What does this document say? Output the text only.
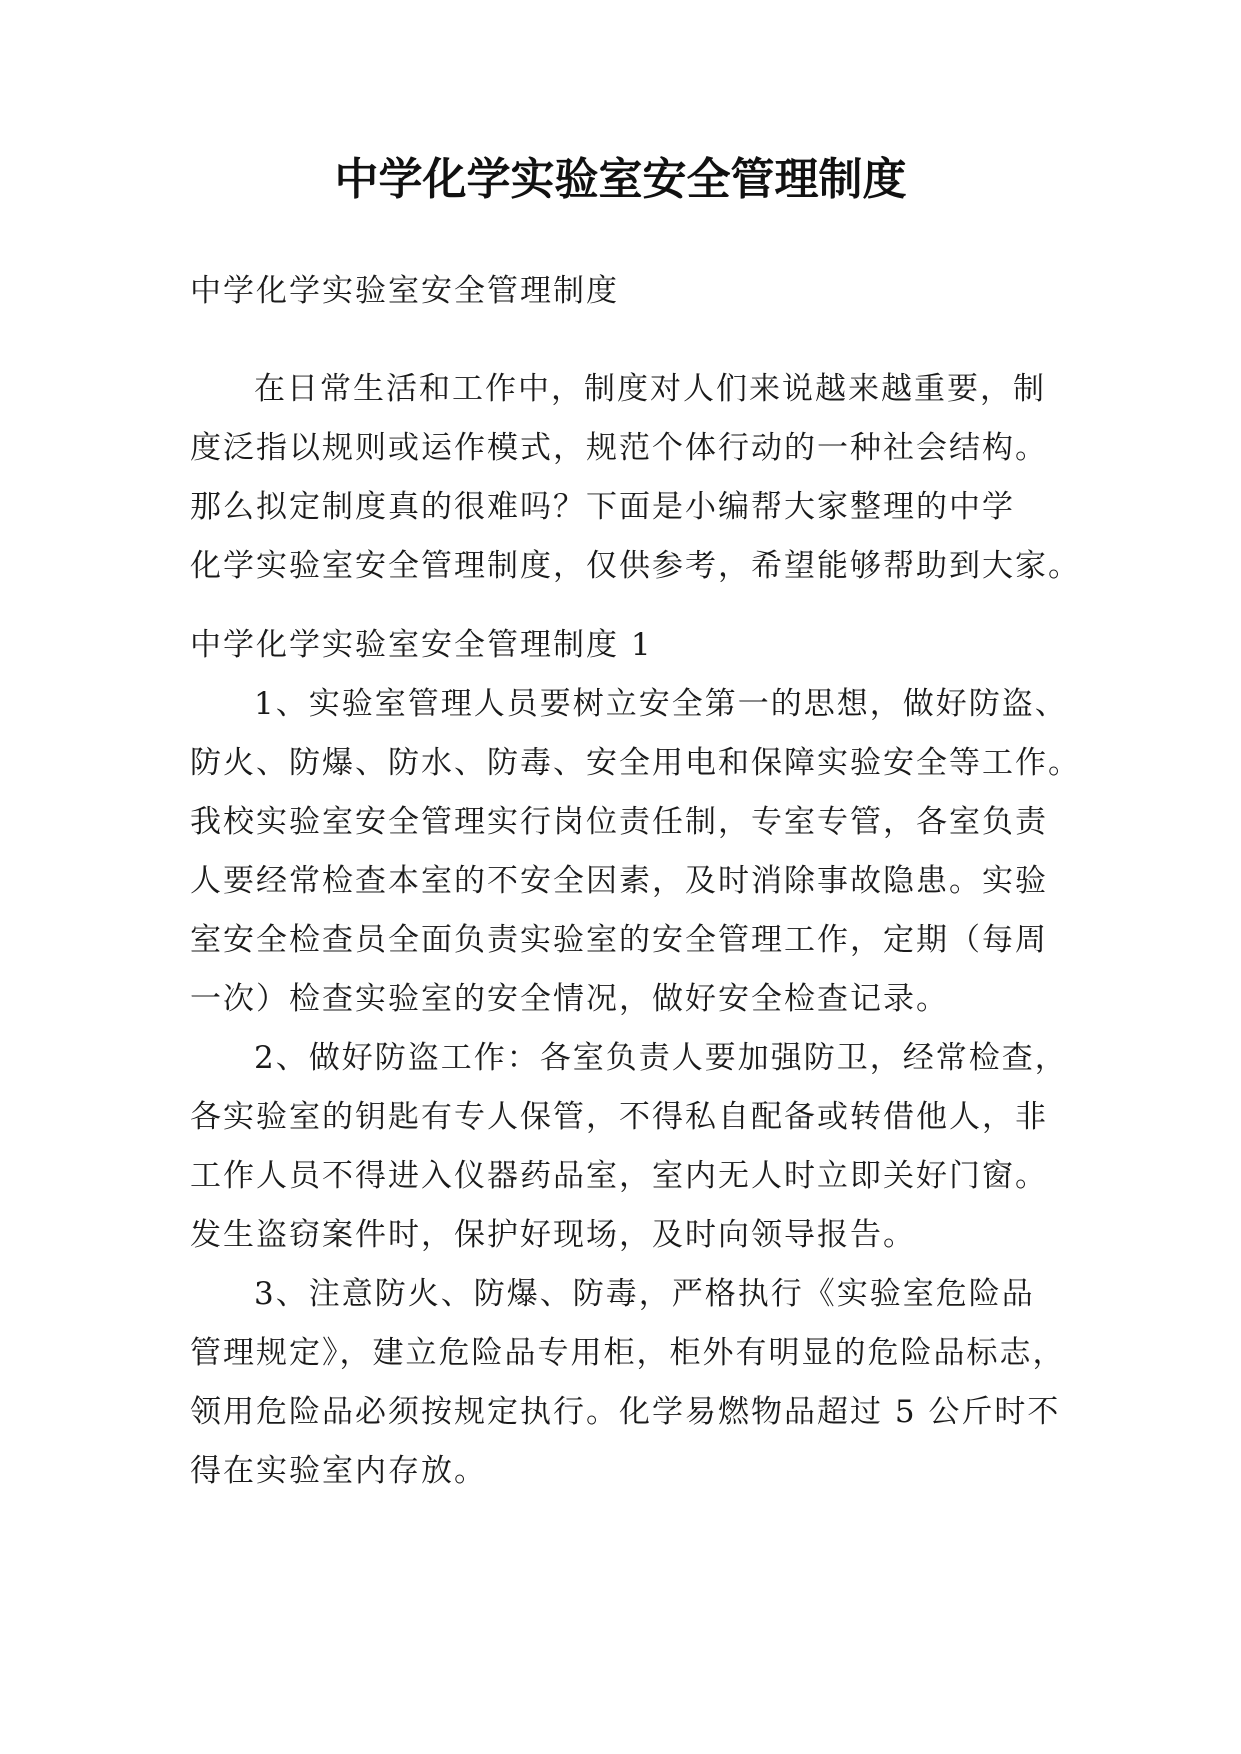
中学化学实验室安全管理制度
中学化学实验室安全管理制度
在日常生活和工作中，制度对人们来说越来越重要，制
度泛指以规则或运作模式，规范个体行动的一种社会结构。
那么拟定制度真的很难吗？下面是小编帮大家整理的中学
化学实验室安全管理制度，仅供参考，希望能够帮助到大家。
中学化学实验室安全管理制度 1
1、实验室管理人员要树立安全第一的思想，做好防盗、
防火、防爆、防水、防毒、安全用电和保障实验安全等工作。
我校实验室安全管理实行岗位责任制，专室专管，各室负责
人要经常检查本室的不安全因素，及时消除事故隐患。实验
室安全检查员全面负责实验室的安全管理工作，定期（每周
一次）检查实验室的安全情况，做好安全检查记录。
2、做好防盗工作：各室负责人要加强防卫，经常检查，
各实验室的钥匙有专人保管，不得私自配备或转借他人，非
工作人员不得进入仪器药品室，室内无人时立即关好门窗。
发生盗窃案件时，保护好现场，及时向领导报告。
3、注意防火、防爆、防毒，严格执行《实验室危险品
管理规定》，建立危险品专用柜，柜外有明显的危险品标志，
领用危险品必须按规定执行。化学易燃物品超过 5 公斤时不
得在实验室内存放。
